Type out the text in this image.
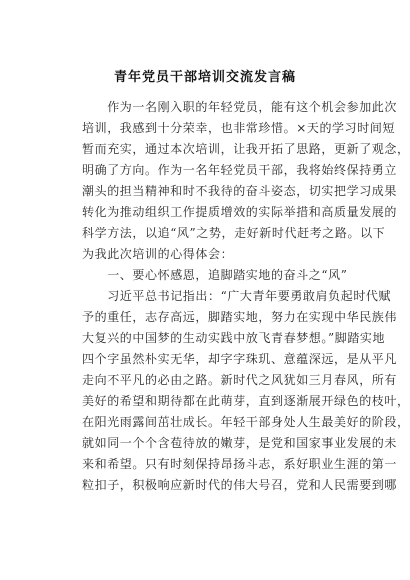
青年党员干部培训交流发言稿
　　作为一名刚入职的年轻党员，能有这个机会参加此次
培训，我感到十分荣幸，也非常珍惜。×天的学习时间短
暂而充实，通过本次培训，让我开拓了思路，更新了观念，
明确了方向。作为一名年轻党员干部，我将始终保持勇立
潮头的担当精神和时不我待的奋斗姿态，切实把学习成果
转化为推动组织工作提质增效的实际举措和高质量发展的
科学方法，以追“风”之势，走好新时代赶考之路。以下
为我此次培训的心得体会：
　　一、要心怀感恩，追脚踏实地的奋斗之“风”
　　习近平总书记指出：“广大青年要勇敢肩负起时代赋
予的重任，志存高远，脚踏实地，努力在实现中华民族伟
大复兴的中国梦的生动实践中放飞青春梦想。”脚踏实地
四个字虽然朴实无华，却字字珠玑、意蕴深远，是从平凡
走向不平凡的必由之路。新时代之风犹如三月春风，所有
美好的希望和期待都在此萌芽，直到逐渐展开绿色的枝叶，
在阳光雨露间茁壮成长。年轻干部身处人生最美好的阶段，
就如同一个个含苞待放的嫩芽，是党和国家事业发展的未
来和希望。只有时刻保持昂扬斗志，系好职业生涯的第一
粒扣子，积极响应新时代的伟大号召，党和人民需要到哪
